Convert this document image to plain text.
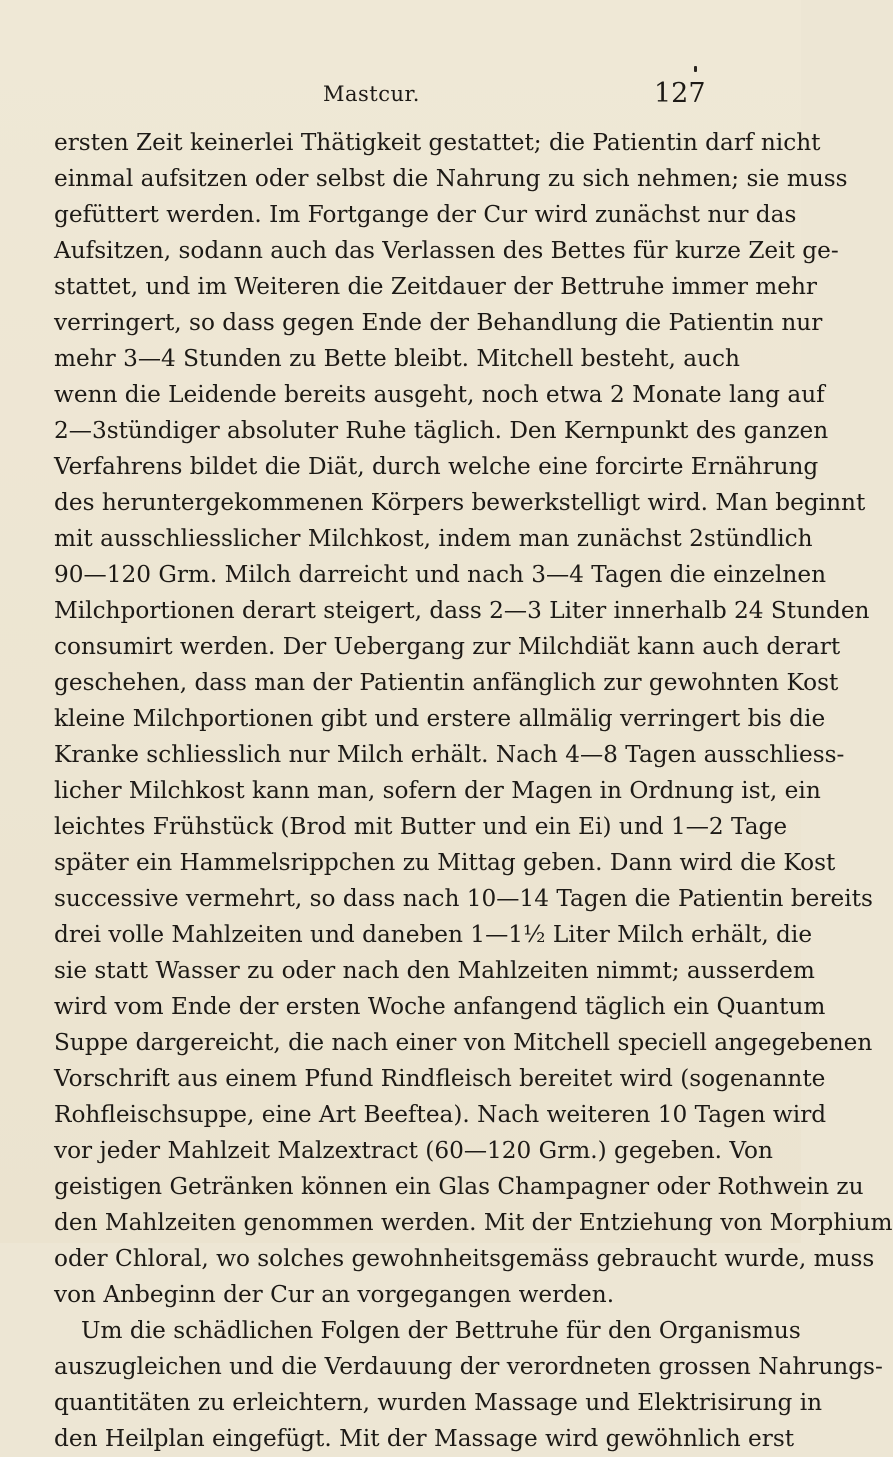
Mastcur.	127
ersten Zeit keinerlei Thätigkeit gestattet; die Patientin darf nicht
einmal aufsitzen oder selbst die Nahrung zu sich nehmen; sie muss
gefüttert werden. Im Fortgange der Cur wird zunächst nur das
Aufsitzen, sodann auch das Verlassen des Bettes für kurze Zeit ge-
stattet, und im Weiteren die Zeitdauer der Bettruhe immer mehr
verringert, so dass gegen Ende der Behandlung die Patientin nur
mehr 3—4 Stunden zu Bette bleibt. Mitchell besteht, auch
wenn die Leidende bereits ausgeht, noch etwa 2 Monate lang auf
2—3stündiger absoluter Ruhe täglich. Den Kernpunkt des ganzen
Verfahrens bildet die Diät, durch welche eine forcirte Ernährung
des heruntergekommenen Körpers bewerkstelligt wird. Man beginnt
mit ausschliesslicher Milchkost, indem man zunächst 2stündlich
90—120 Grm. Milch darreicht und nach 3—4 Tagen die einzelnen
Milchportionen derart steigert, dass 2—3 Liter innerhalb 24 Stunden
consumirt werden. Der Uebergang zur Milchdiät kann auch derart
geschehen, dass man der Patientin anfänglich zur gewohnten Kost
kleine Milchportionen gibt und erstere allmälig verringert bis die
Kranke schliesslich nur Milch erhält. Nach 4—8 Tagen ausschliess-
licher Milchkost kann man, sofern der Magen in Ordnung ist, ein
leichtes Frühstück (Brod mit Butter und ein Ei) und 1—2 Tage
später ein Hammelsrippchen zu Mittag geben. Dann wird die Kost
successive vermehrt, so dass nach 10—14 Tagen die Patientin bereits
drei volle Mahlzeiten und daneben 1—1½ Liter Milch erhält, die
sie statt Wasser zu oder nach den Mahlzeiten nimmt; ausserdem
wird vom Ende der ersten Woche anfangend täglich ein Quantum
Suppe dargereicht, die nach einer von Mitchell speciell angegebenen
Vorschrift aus einem Pfund Rindfleisch bereitet wird (sogenannte
Rohfleischsuppe, eine Art Beeftea). Nach weiteren 10 Tagen wird
vor jeder Mahlzeit Malzextract (60—120 Grm.) gegeben. Von
geistigen Getränken können ein Glas Champagner oder Rothwein zu
den Mahlzeiten genommen werden. Mit der Entziehung von Morphium
oder Chloral, wo solches gewohnheitsgemäss gebraucht wurde, muss
von Anbeginn der Cur an vorgegangen werden.
Um die schädlichen Folgen der Bettruhe für den Organismus
auszugleichen und die Verdauung der verordneten grossen Nahrungs-
quantitäten zu erleichtern, wurden Massage und Elektrisirung in
den Heilplan eingefügt. Mit der Massage wird gewöhnlich erst
